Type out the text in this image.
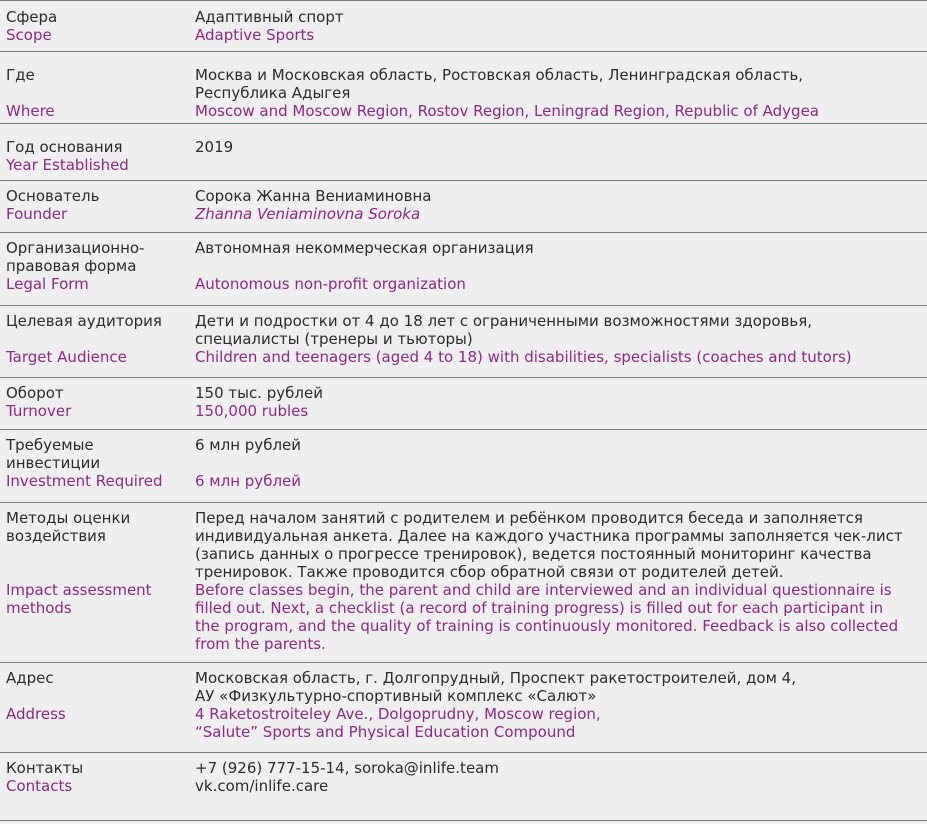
Сфера
Scope
Адаптивный спорт
Adaptive Sports
Где
Where
Москва и Московская область, Ростовская область, Ленинградская область,
Республика Адыгея
Moscow and Moscow Region, Rostov Region, Leningrad Region, Republic of Adygea
Год основания
Year Established
2019
Основатель
Founder
Сорока Жанна Вениаминовна
Zhanna Veniaminovna Soroka
Организационно-
правовая форма
Legal Form
Автономная некоммерческая организация
Autonomous non-profit organization
Целевая аудитория
Target Audience
Дети и подростки от 4 до 18 лет с ограниченными возможностями здоровья,
специалисты (тренеры и тьюторы)
Children and teenagers (aged 4 to 18) with disabilities, specialists (coaches and tutors)
Оборот
Turnover
150 тыс. рублей
150,000 rubles
Требуемые
инвестиции
Investment Required
6 млн рублей
6 млн рублей
Методы оценки
воздействия
Impact assessment
methods
Перед началом занятий с родителем и ребёнком проводится беседа и заполняется
индивидуальная анкета. Далее на каждого участника программы заполняется чек-лист
(запись данных о прогрессе тренировок), ведется постоянный мониторинг качества
тренировок. Также проводится сбор обратной связи от родителей детей.
Before classes begin, the parent and child are interviewed and an individual questionnaire is
filled out. Next, a checklist (a record of training progress) is filled out for each participant in
the program, and the quality of training is continuously monitored. Feedback is also collected
from the parents.
Адрес
Address
Московская область, г. Долгопрудный, Проспект ракетостроителей, дом 4,
АУ «Физкультурно-спортивный комплекс «Салют»
4 Raketostroiteley Ave., Dolgoprudny, Moscow region,
“Salute” Sports and Physical Education Compound
Контакты
Contacts
+7 (926) 777-15-14, soroka@inlife.team
vk.com/inlife.care
